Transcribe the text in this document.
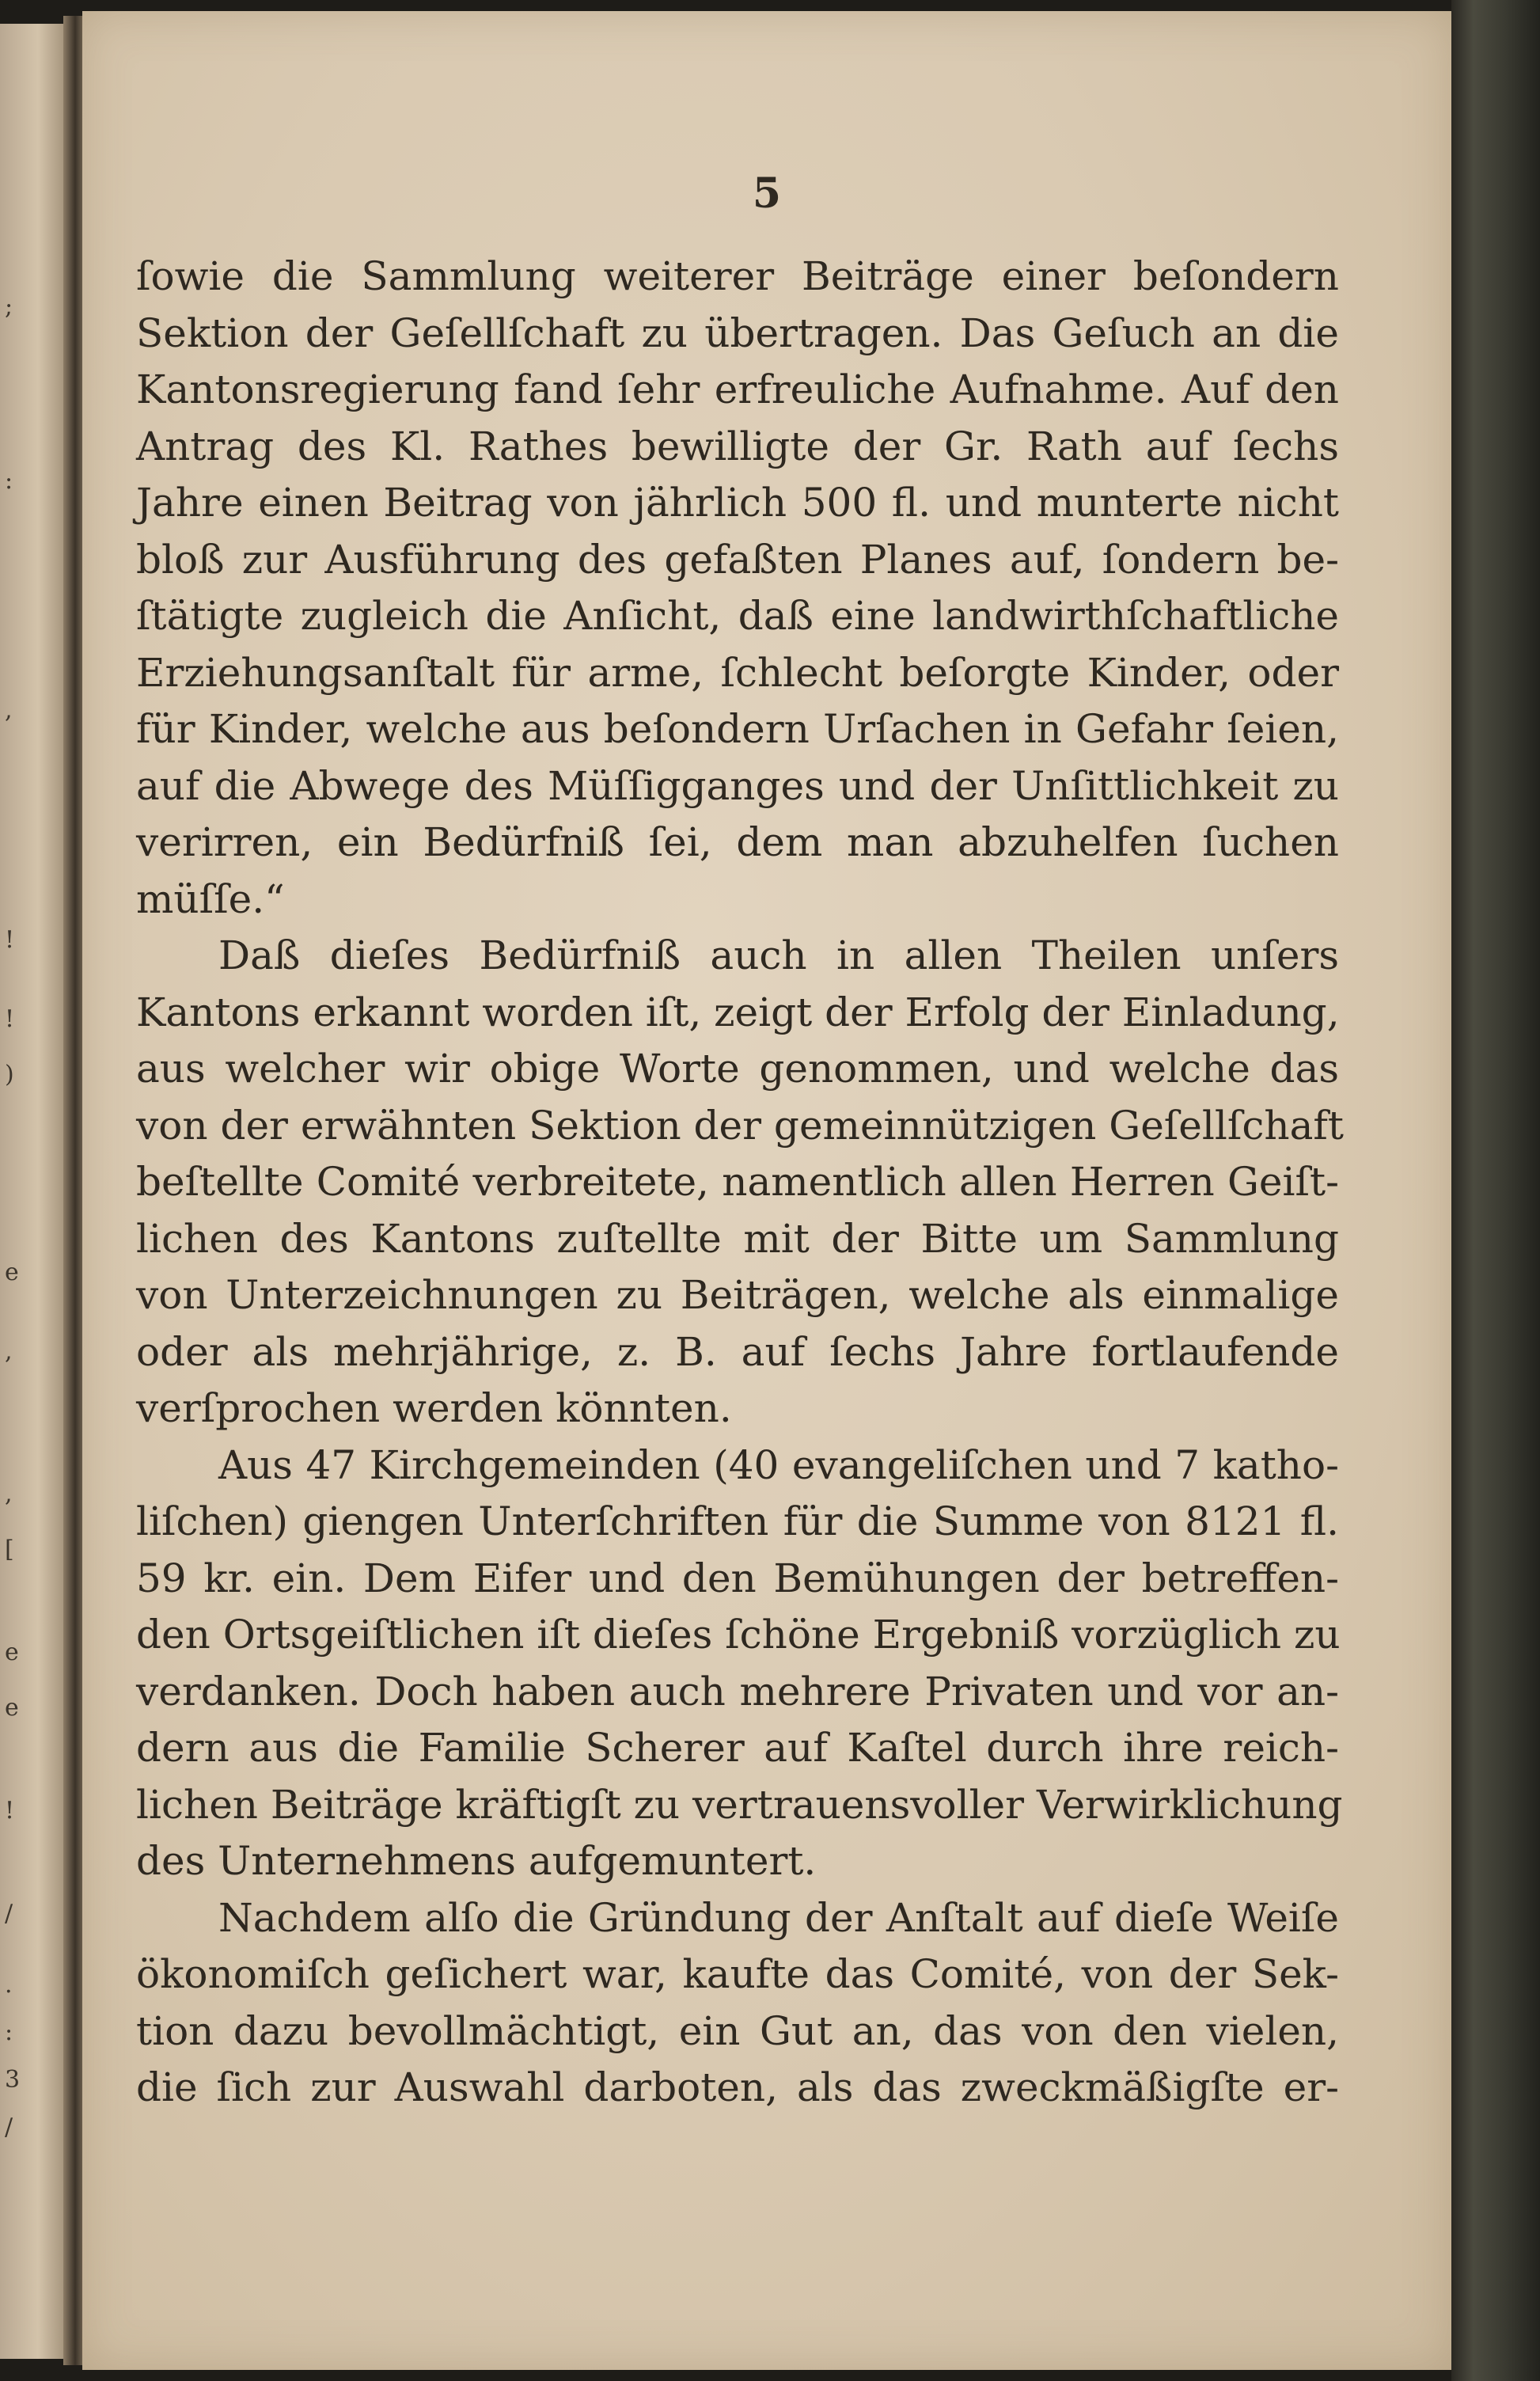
;
:
,
!
!
)
e
,
,
[
e
e
!
/
.
:
3
/
5
ſowie die Sammlung weiterer Beiträge einer beſondern
Sektion der Geſellſchaft zu übertragen. Das Geſuch an die
Kantonsregierung fand ſehr erfreuliche Aufnahme. Auf den
Antrag des Kl. Rathes bewilligte der Gr. Rath auf ſechs
Jahre einen Beitrag von jährlich 500 fl. und munterte nicht
bloß zur Ausführung des gefaßten Planes auf, ſondern be-
ſtätigte zugleich die Anſicht, daß eine landwirthſchaftliche
Erziehungsanſtalt für arme, ſchlecht beſorgte Kinder, oder
für Kinder, welche aus beſondern Urſachen in Gefahr ſeien,
auf die Abwege des Müſſigganges und der Unſittlichkeit zu
verirren, ein Bedürfniß ſei, dem man abzuhelfen ſuchen
müſſe.“
Daß dieſes Bedürfniß auch in allen Theilen unſers
Kantons erkannt worden iſt, zeigt der Erfolg der Einladung,
aus welcher wir obige Worte genommen, und welche das
von der erwähnten Sektion der gemeinnützigen Geſellſchaft
beſtellte Comité verbreitete, namentlich allen Herren Geiſt-
lichen des Kantons zuſtellte mit der Bitte um Sammlung
von Unterzeichnungen zu Beiträgen, welche als einmalige
oder als mehrjährige, z. B. auf ſechs Jahre fortlaufende
verſprochen werden könnten.
Aus 47 Kirchgemeinden (40 evangeliſchen und 7 katho-
liſchen) giengen Unterſchriften für die Summe von 8121 fl.
59 kr. ein. Dem Eifer und den Bemühungen der betreffen-
den Ortsgeiſtlichen iſt dieſes ſchöne Ergebniß vorzüglich zu
verdanken. Doch haben auch mehrere Privaten und vor an-
dern aus die Familie Scherer auf Kaſtel durch ihre reich-
lichen Beiträge kräftigſt zu vertrauensvoller Verwirklichung
des Unternehmens aufgemuntert.
Nachdem alſo die Gründung der Anſtalt auf dieſe Weiſe
ökonomiſch geſichert war, kaufte das Comité, von der Sek-
tion dazu bevollmächtigt, ein Gut an, das von den vielen,
die ſich zur Auswahl darboten, als das zweckmäßigſte er-
